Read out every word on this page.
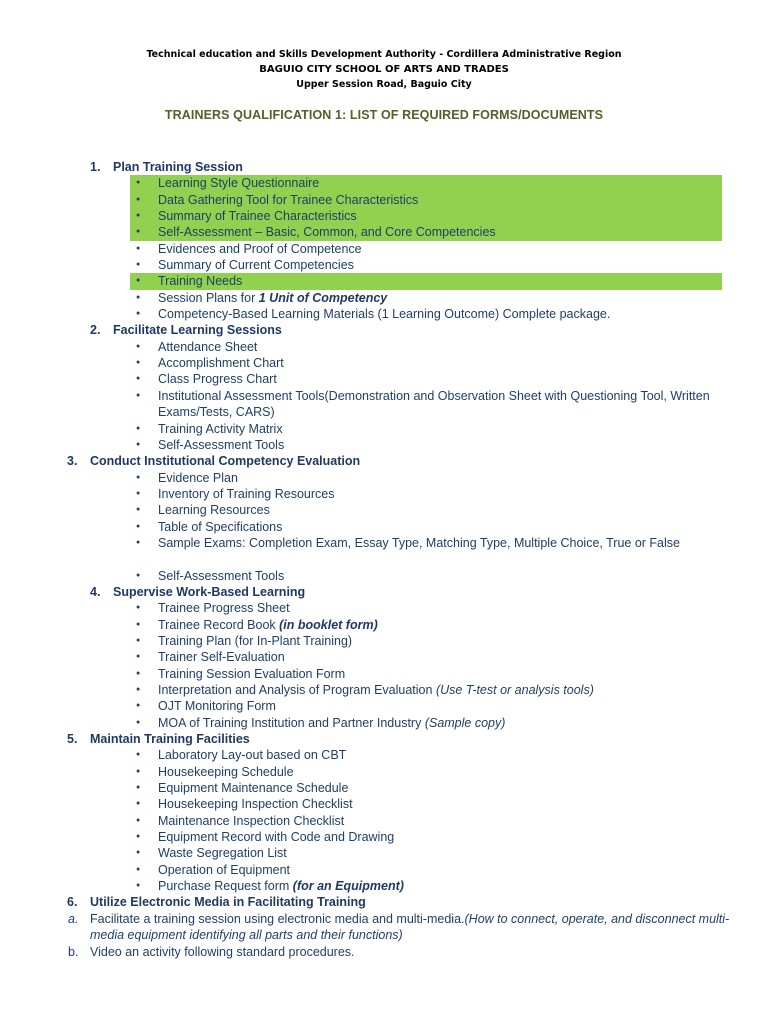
Technical education and Skills Development Authority - Cordillera Administrative Region
BAGUIO CITY SCHOOL OF ARTS AND TRADES
Upper Session Road, Baguio City
TRAINERS QUALIFICATION 1: LIST OF REQUIRED FORMS/DOCUMENTS
1. Plan Training Session
● Learning Style Questionnaire
● Data Gathering Tool for Trainee Characteristics
● Summary of Trainee Characteristics
● Self-Assessment – Basic, Common, and Core Competencies
● Evidences and Proof of Competence
● Summary of Current Competencies
● Training Needs
● Session Plans for 1 Unit of Competency
● Competency-Based Learning Materials (1 Learning Outcome) Complete package.
2. Facilitate Learning Sessions
● Attendance Sheet
● Accomplishment Chart
● Class Progress Chart
● Institutional Assessment Tools(Demonstration and Observation Sheet with Questioning Tool, Written Exams/Tests, CARS)
● Training Activity Matrix
● Self-Assessment Tools
3. Conduct Institutional Competency Evaluation
● Evidence Plan
● Inventory of Training Resources
● Learning Resources
● Table of Specifications
● Sample Exams: Completion Exam, Essay Type, Matching Type, Multiple Choice, True or False
● Self-Assessment Tools
4. Supervise Work-Based Learning
● Trainee Progress Sheet
● Trainee Record Book (in booklet form)
● Training Plan (for In-Plant Training)
● Trainer Self-Evaluation
● Training Session Evaluation Form
● Interpretation and Analysis of Program Evaluation (Use T-test or analysis tools)
● OJT Monitoring Form
● MOA of Training Institution and Partner Industry (Sample copy)
5. Maintain Training Facilities
● Laboratory Lay-out based on CBT
● Housekeeping Schedule
● Equipment Maintenance Schedule
● Housekeeping Inspection Checklist
● Maintenance Inspection Checklist
● Equipment Record with Code and Drawing
● Waste Segregation List
● Operation of Equipment
● Purchase Request form (for an Equipment)
6. Utilize Electronic Media in Facilitating Training
a. Facilitate a training session using electronic media and multi-media.(How to connect, operate, and disconnect multi-media equipment identifying all parts and their functions)
b. Video an activity following standard procedures.
